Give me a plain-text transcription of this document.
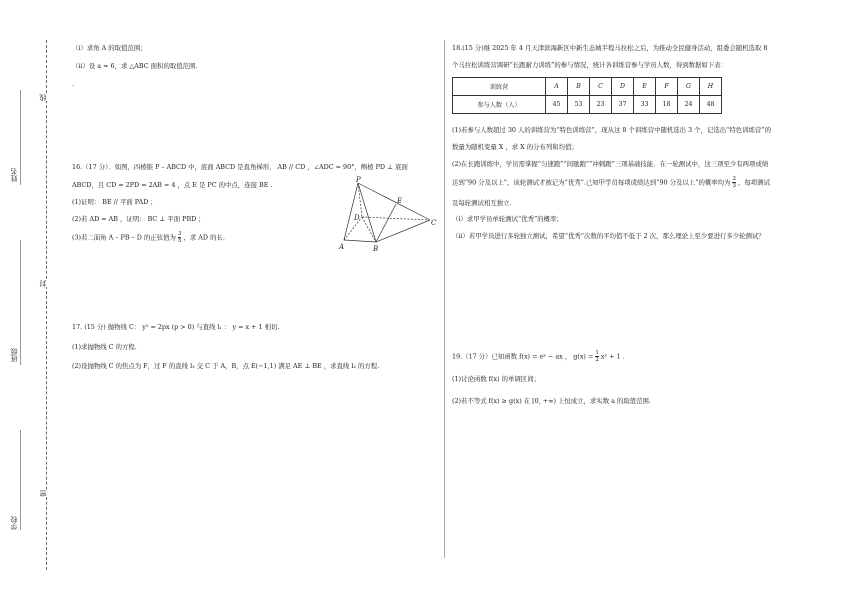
姓名
班级
学校
线
封
密
（ⅰ）求角 A 的取值范围；
（ⅱ）设 a = 6，求 △ABC 面积的取值范围.
.
16.（17 分）．如图，四棱锥 P – ABCD 中，底面 ABCD 是直角梯形， AB // CD ，∠ADC = 90°，侧棱 PD ⊥ 底面
ABCD，且 CD = 2PD = 2AB = 4 ，点 E 是 PC 的中点，连接 BE .
(1)证明： BE // 平面 PAD ；
(2)若 AD = AB ，证明： BC ⊥ 平面 PBD ；
(3)若二面角 A – PB – D 的正弦值为 $\frac{3}{5}$ ，求 AD 的长.
P
E
D
C
A	B
17. (15 分) 抛物线 C： y² = 2px (p > 0) 与直线 l₁ ： y = x + 1 相切.
(1)求抛物线 C 的方程.
(2)设抛物线 C 的焦点为 F，过 F 的直线 l₂ 交 C 于 A，B，点 E(−1,1) 满足 AE ⊥ BE ，求直线 l₂ 的方程.
18.(15 分)继 2025 年 4 月天津滨海新区中新生态城半程马拉松之后，为推动全民健身活动，组委会随机选取 8
个马拉松训练营调研“长跑耐力训练”的参与情况，统计各训练营参与学员人数，得到数据如下表：
训练营	A	B	C	D	E	F	G	H
参与人数（人）	45	53	23	37	33	18	24	48
(1)若参与人数超过 30 人的训练营为“特色训练营”，现从这 8 个训练营中随机选出 3 个，记选出“特色训练营”的
数量为随机变量 X ，求 X 的分布列和均值；
(2)在长跑训练中，学员需掌握“匀速跑”“间歇跑”“冲刺跑”三项基础技能．在一轮测试中，这三项至少有两项成绩
达到“90 分及以上”，该轮测试才被记为“优秀”.已知甲学员每项成绩达到“90 分及以上”的概率均为 $\frac{2}{3}$ ，每项测试
及每轮测试相互独立.
（ⅰ）求甲学员单轮测试“优秀”的概率；
（ⅱ）若甲学员进行多轮独立测试，希望“优秀”次数的平均值不低于 2 次，那么理论上至少要进行多少轮测试？
19.（17 分）已知函数 f(x) = eˣ − ax ， $g(x) = \frac{1}{2} x^2 + 1$ .
(1)讨论函数 f(x) 的单调区间；
(2)若不等式 f(x) ≥ g(x) 在 [0, +∞) 上恒成立，求实数 a 的取值范围.
